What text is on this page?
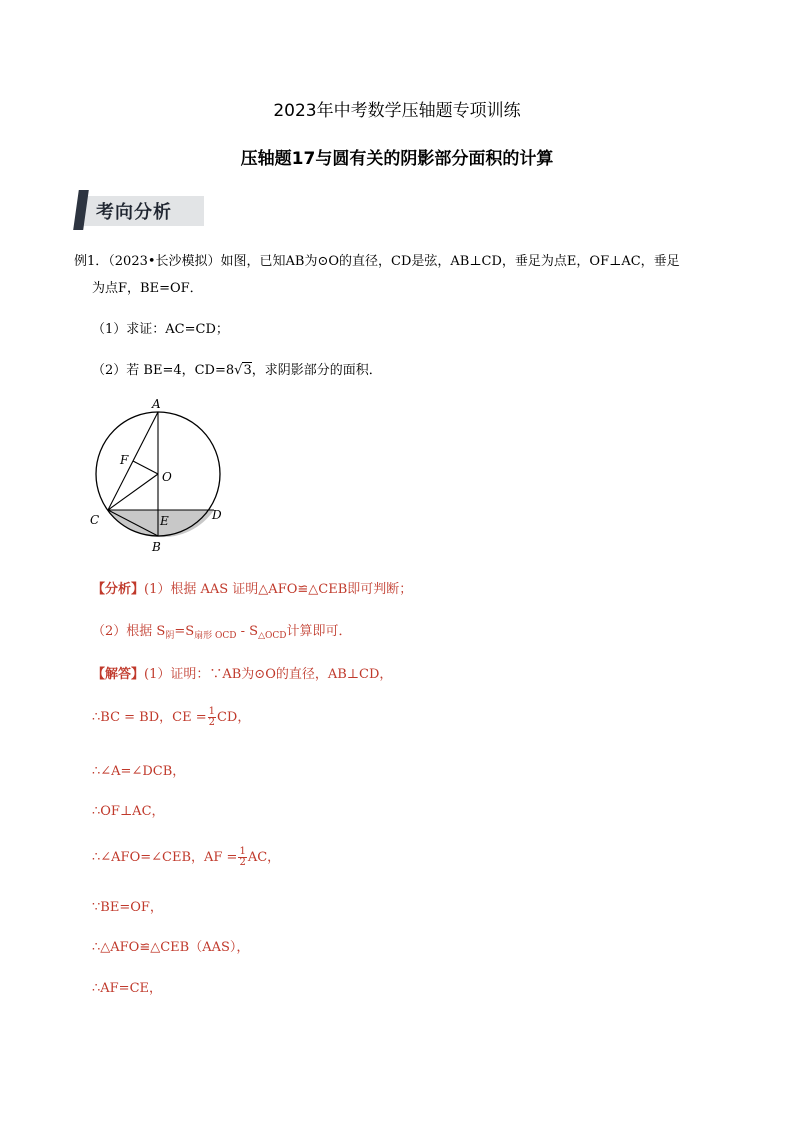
2023年中考数学压轴题专项训练
压轴题17与圆有关的阴影部分面积的计算
考向分析
例1．（2023•长沙模拟）如图，已知AB为⊙O的直径，CD是弦，AB⊥CD，垂足为点E，OF⊥AC，垂足
为点F，BE=OF．
（1）求证：AC=CD；
（2）若 BE=4，CD=8√3，求阴影部分的面积．
A
F
O
C	E	D
B
【分析】(1）根据 AAS 证明△AFO≌△CEB即可判断；
（2）根据 $S_阴=S_{扇形 OCD} - S_{\triangle OCD}$计算即可．
【解答】(1）证明：∵AB为⊙O的直径，AB⊥CD，
∴BC = BD，CE = $\frac{1}{2}$ CD，
∴∠A=∠DCB，
∴OF⊥AC，
∴∠AFO=∠CEB，AF = $\frac{1}{2}$ AC，
∵BE=OF，
∴△AFO≌△CEB（AAS），
∴AF=CE，
